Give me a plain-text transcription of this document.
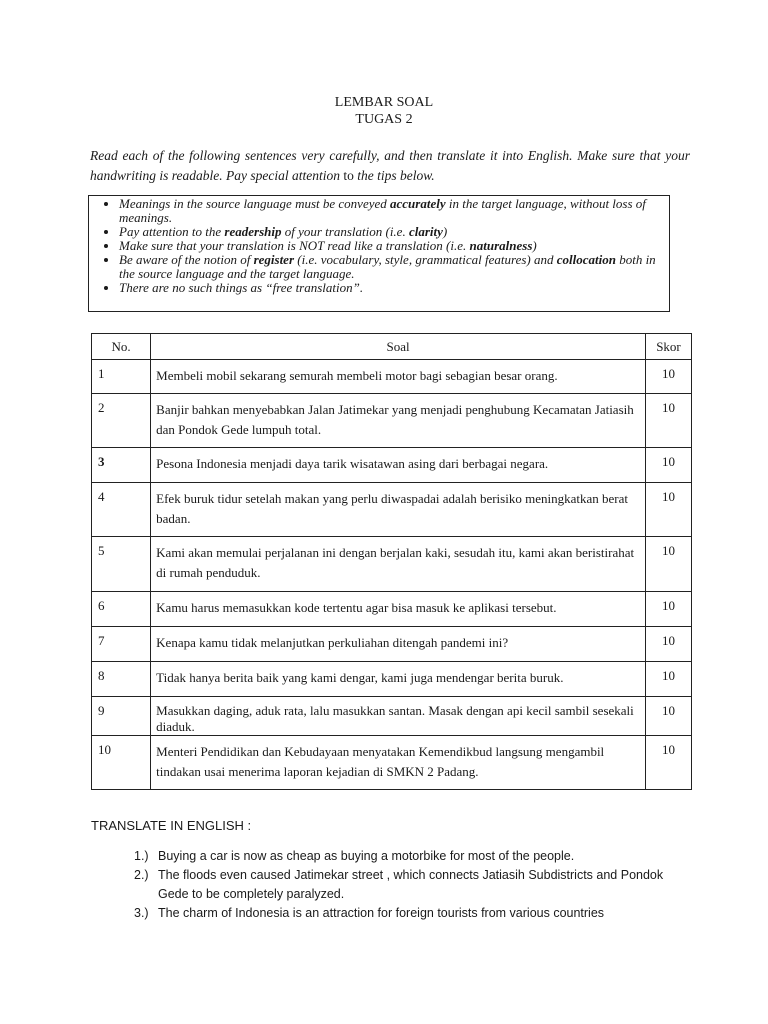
LEMBAR SOAL
TUGAS 2
Read each of the following sentences very carefully, and then translate it into English. Make sure that your handwriting is readable. Pay special attention to the tips below.
• Meanings in the source language must be conveyed accurately in the target language, without loss of meanings.
• Pay attention to the readership of your translation (i.e. clarity)
• Make sure that your translation is NOT read like a translation (i.e. naturalness)
• Be aware of the notion of register (i.e. vocabulary, style, grammatical features) and collocation both in the source language and the target language.
• There are no such things as “free translation”.
No.	Soal	Skor
1	Membeli mobil sekarang semurah membeli motor bagi sebagian besar orang.	10
2	Banjir bahkan menyebabkan Jalan Jatimekar yang menjadi penghubung Kecamatan Jatiasih dan Pondok Gede lumpuh total.	10
3	Pesona Indonesia menjadi daya tarik wisatawan asing dari berbagai negara.	10
4	Efek buruk tidur setelah makan yang perlu diwaspadai adalah berisiko meningkatkan berat badan.	10
5	Kami akan memulai perjalanan ini dengan berjalan kaki, sesudah itu, kami akan beristirahat di rumah penduduk.	10
6	Kamu harus memasukkan kode tertentu agar bisa masuk ke aplikasi tersebut.	10
7	Kenapa kamu tidak melanjutkan perkuliahan ditengah pandemi ini?	10
8	Tidak hanya berita baik yang kami dengar, kami juga mendengar berita buruk.	10
9	Masukkan daging, aduk rata, lalu masukkan santan. Masak dengan api kecil sambil sesekali diaduk.	10
10	Menteri Pendidikan dan Kebudayaan menyatakan Kemendikbud langsung mengambil tindakan usai menerima laporan kejadian di SMKN 2 Padang.	10
TRANSLATE IN ENGLISH :
1.) Buying a car is now as cheap as buying a motorbike for most of the people.
2.) The floods even caused Jatimekar street , which connects Jatiasih Subdistricts and Pondok Gede to be completely paralyzed.
3.) The charm of Indonesia is an attraction for foreign tourists from various countries
